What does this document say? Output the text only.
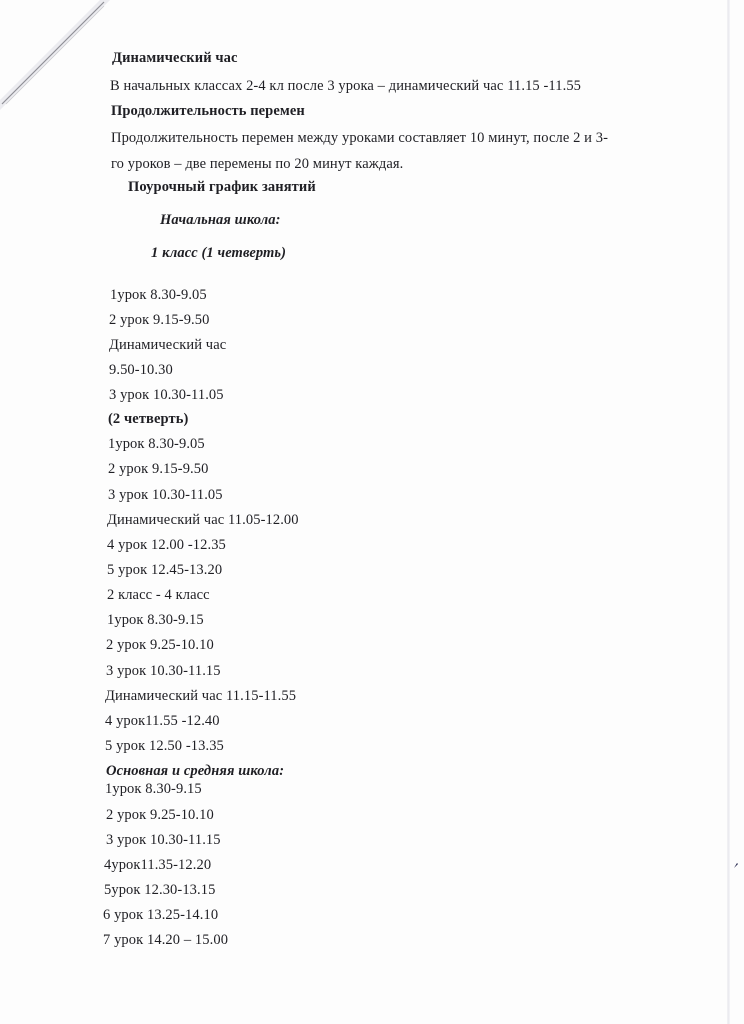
Динамический час
В начальных классах 2-4 кл после 3 урока – динамический час 11.15 -11.55
Продолжительность перемен
Продолжительность перемен между уроками составляет 10 минут, после 2 и 3-
го уроков – две перемены по 20 минут каждая.
Поурочный график занятий
Начальная школа:
1 класс (1 четверть)
1урок 8.30-9.05
2 урок 9.15-9.50
Динамический час
9.50-10.30
3 урок 10.30-11.05
(2 четверть)
1урок 8.30-9.05
2 урок 9.15-9.50
3 урок 10.30-11.05
Динамический час 11.05-12.00
4 урок 12.00 -12.35
5 урок 12.45-13.20
2 класс - 4 класс
1урок 8.30-9.15
2 урок 9.25-10.10
3 урок 10.30-11.15
Динамический час 11.15-11.55
4 урок11.55 -12.40
5 урок 12.50 -13.35
Основная и средняя школа:
1урок 8.30-9.15
2 урок 9.25-10.10
3 урок 10.30-11.15
4урок11.35-12.20
5урок 12.30-13.15
6 урок 13.25-14.10
7 урок 14.20 – 15.00
